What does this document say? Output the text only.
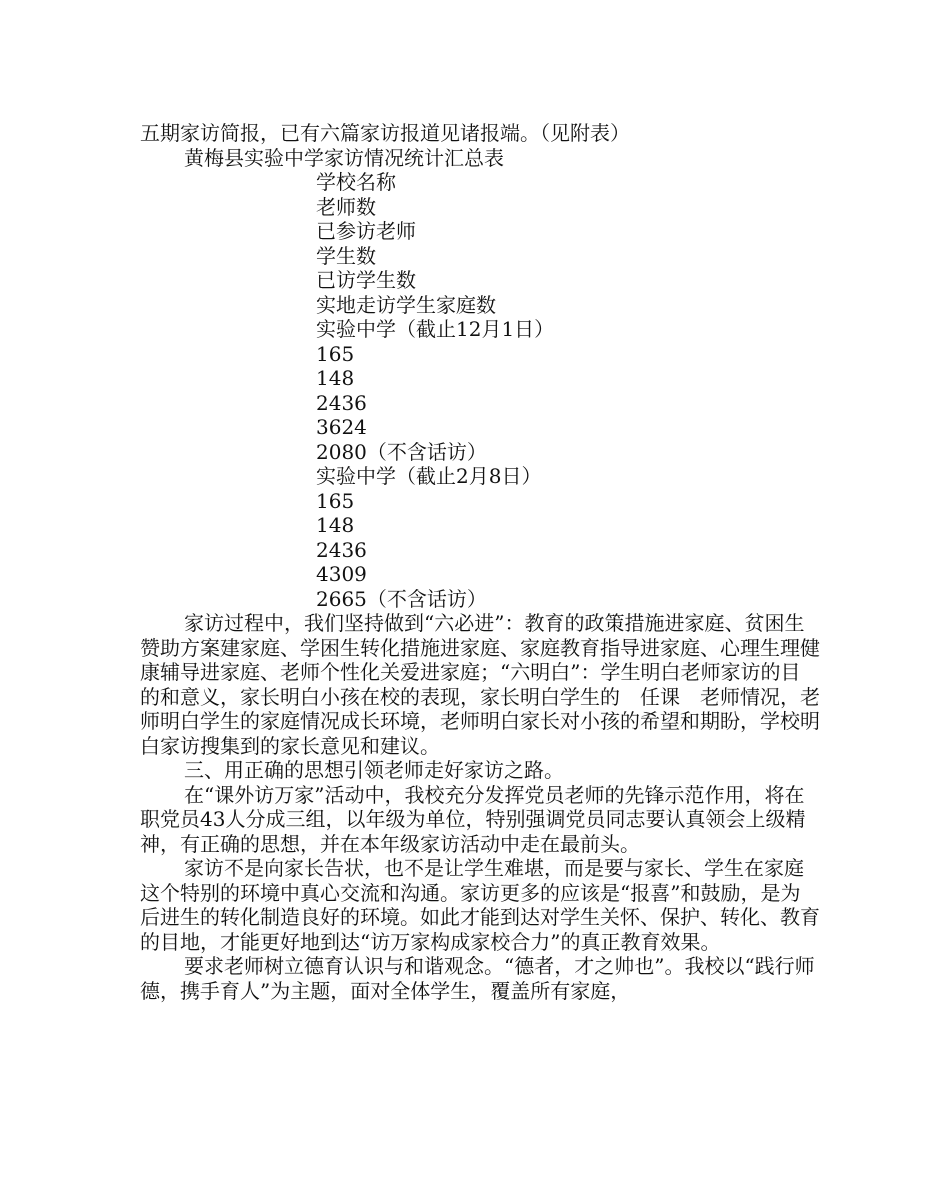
五期家访简报，已有六篇家访报道见诸报端。（见附表）

黄梅县实验中学家访情况统计汇总表

学校名称
老师数
已参访老师
学生数
已访学生数
实地走访学生家庭数
实验中学（截止12月1日）
165
148
2436
3624
2080（不含话访）
实验中学（截止2月8日）
165
148
2436
4309
2665（不含话访）

家访过程中，我们坚持做到“六必进”：教育的政策措施进家庭、贫困生赞助方案建家庭、学困生转化措施进家庭、家庭教育指导进家庭、心理生理健康辅导进家庭、老师个性化关爱进家庭；“六明白”：学生明白老师家访的目的和意义，家长明白小孩在校的表现，家长明白学生的　任课　老师情况，老师明白学生的家庭情况成长环境，老师明白家长对小孩的希望和期盼，学校明白家访搜集到的家长意见和建议。

三、用正确的思想引领老师走好家访之路。

在“课外访万家”活动中，我校充分发挥党员老师的先锋示范作用，将在职党员43人分成三组，以年级为单位，特别强调党员同志要认真领会上级精神，有正确的思想，并在本年级家访活动中走在最前头。

家访不是向家长告状，也不是让学生难堪，而是要与家长、学生在家庭这个特别的环境中真心交流和沟通。家访更多的应该是“报喜”和鼓励，是为后进生的转化制造良好的环境。如此才能到达对学生关怀、保护、转化、教育的目地，才能更好地到达“访万家构成家校合力”的真正教育效果。

要求老师树立德育认识与和谐观念。“德者，才之帅也”。我校以“践行师德，携手育人”为主题，面对全体学生，覆盖所有家庭，
